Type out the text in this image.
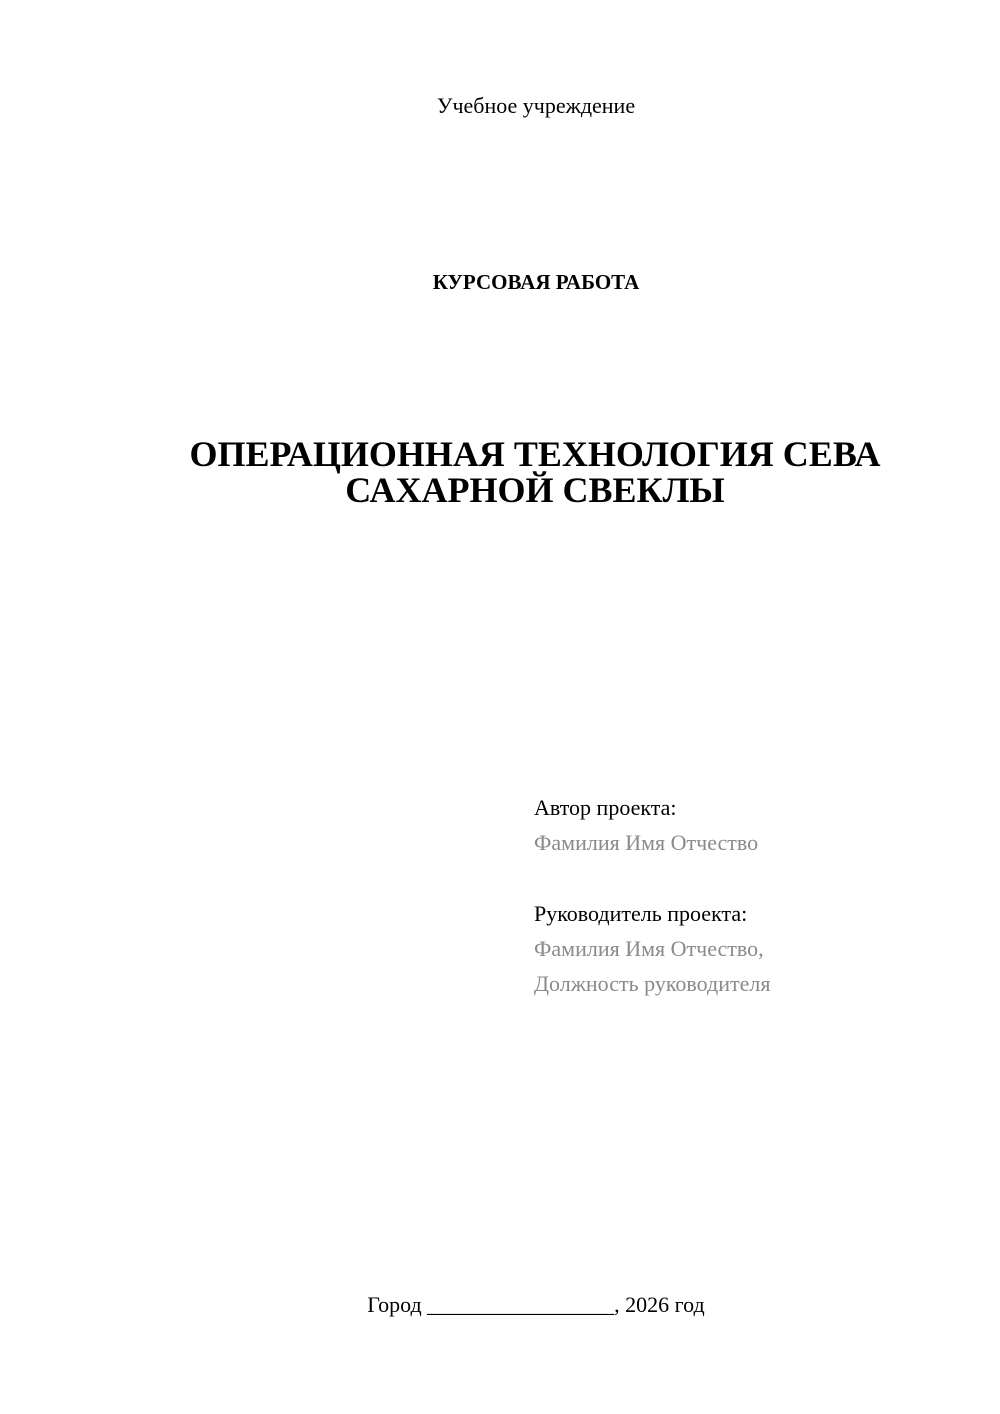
Учебное учреждение
КУРСОВАЯ РАБОТА
ОПЕРАЦИОННАЯ ТЕХНОЛОГИЯ СЕВА
САХАРНОЙ СВЕКЛЫ
Автор проекта:
Фамилия Имя Отчество
Руководитель проекта:
Фамилия Имя Отчество,
Должность руководителя
Город _________________, 2026 год
